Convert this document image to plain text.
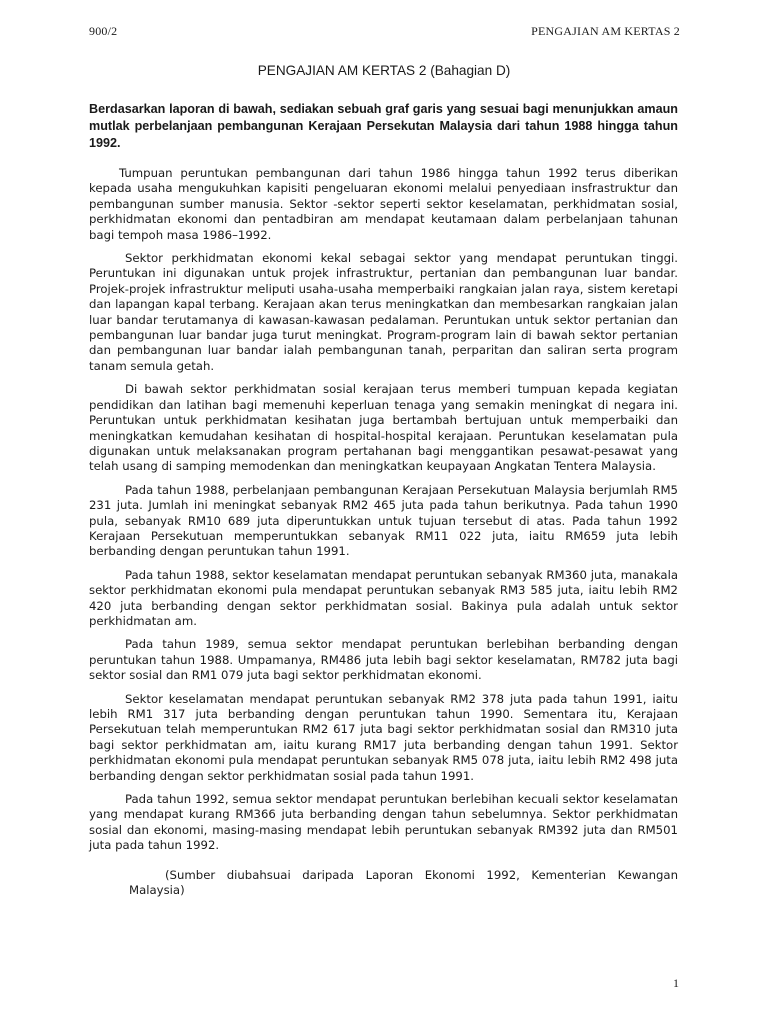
900/2	PENGAJIAN AM KERTAS 2
PENGAJIAN AM KERTAS 2 (Bahagian D)

Berdasarkan laporan di bawah, sediakan sebuah graf garis yang sesuai bagi menunjukkan amaun mutlak perbelanjaan pembangunan Kerajaan Persekutan Malaysia dari tahun 1988 hingga tahun 1992.

Tumpuan peruntukan pembangunan dari tahun 1986 hingga tahun 1992 terus diberikan kepada usaha mengukuhkan kapisiti pengeluaran ekonomi melalui penyediaan insfrastruktur dan pembangunan sumber manusia. Sektor -sektor seperti sektor keselamatan, perkhidmatan sosial, perkhidmatan ekonomi dan pentadbiran am mendapat keutamaan dalam perbelanjaan tahunan bagi tempoh masa 1986–1992.

Sektor perkhidmatan ekonomi kekal sebagai sektor yang mendapat peruntukan tinggi. Peruntukan ini digunakan untuk projek infrastruktur, pertanian dan pembangunan luar bandar. Projek-projek infrastruktur meliputi usaha-usaha memperbaiki rangkaian jalan raya, sistem keretapi dan lapangan kapal terbang. Kerajaan akan terus meningkatkan dan membesarkan rangkaian jalan luar bandar terutamanya di kawasan-kawasan pedalaman. Peruntukan untuk sektor pertanian dan pembangunan luar bandar juga turut meningkat. Program-program lain di bawah sektor pertanian dan pembangunan luar bandar ialah pembangunan tanah, perparitan dan saliran serta program tanam semula getah.

Di bawah sektor perkhidmatan sosial kerajaan terus memberi tumpuan kepada kegiatan pendidikan dan latihan bagi memenuhi keperluan tenaga yang semakin meningkat di negara ini. Peruntukan untuk perkhidmatan kesihatan juga bertambah bertujuan untuk memperbaiki dan meningkatkan kemudahan kesihatan di hospital-hospital kerajaan. Peruntukan keselamatan pula digunakan untuk melaksanakan program pertahanan bagi menggantikan pesawat-pesawat yang telah usang di samping memodenkan dan meningkatkan keupayaan Angkatan Tentera Malaysia.

Pada tahun 1988, perbelanjaan pembangunan Kerajaan Persekutuan Malaysia berjumlah RM5 231 juta. Jumlah ini meningkat sebanyak RM2 465 juta pada tahun berikutnya. Pada tahun 1990 pula, sebanyak RM10 689 juta diperuntukkan untuk tujuan tersebut di atas. Pada tahun 1992 Kerajaan Persekutuan memperuntukkan sebanyak RM11 022 juta, iaitu RM659 juta lebih berbanding dengan peruntukan tahun 1991.

Pada tahun 1988, sektor keselamatan mendapat peruntukan sebanyak RM360 juta, manakala sektor perkhidmatan ekonomi pula mendapat peruntukan sebanyak RM3 585 juta, iaitu lebih RM2 420 juta berbanding dengan sektor perkhidmatan sosial. Bakinya pula adalah untuk sektor perkhidmatan am.

Pada tahun 1989, semua sektor mendapat peruntukan berlebihan berbanding dengan peruntukan tahun 1988. Umpamanya, RM486 juta lebih bagi sektor keselamatan, RM782 juta bagi sektor sosial dan RM1 079 juta bagi sektor perkhidmatan ekonomi.

Sektor keselamatan mendapat peruntukan sebanyak RM2 378 juta pada tahun 1991, iaitu lebih RM1 317 juta berbanding dengan peruntukan tahun 1990. Sementara itu, Kerajaan Persekutuan telah memperuntukan RM2 617 juta bagi sektor perkhidmatan sosial dan RM310 juta bagi sektor perkhidmatan am, iaitu kurang RM17 juta berbanding dengan tahun 1991. Sektor perkhidmatan ekonomi pula mendapat peruntukan sebanyak RM5 078 juta, iaitu lebih RM2 498 juta berbanding dengan sektor perkhidmatan sosial pada tahun 1991.

Pada tahun 1992, semua sektor mendapat peruntukan berlebihan kecuali sektor keselamatan yang mendapat kurang RM366 juta berbanding dengan tahun sebelumnya. Sektor perkhidmatan sosial dan ekonomi, masing-masing mendapat lebih peruntukan sebanyak RM392 juta dan RM501 juta pada tahun 1992.

(Sumber diubahsuai daripada Laporan Ekonomi 1992, Kementerian Kewangan Malaysia)

1
